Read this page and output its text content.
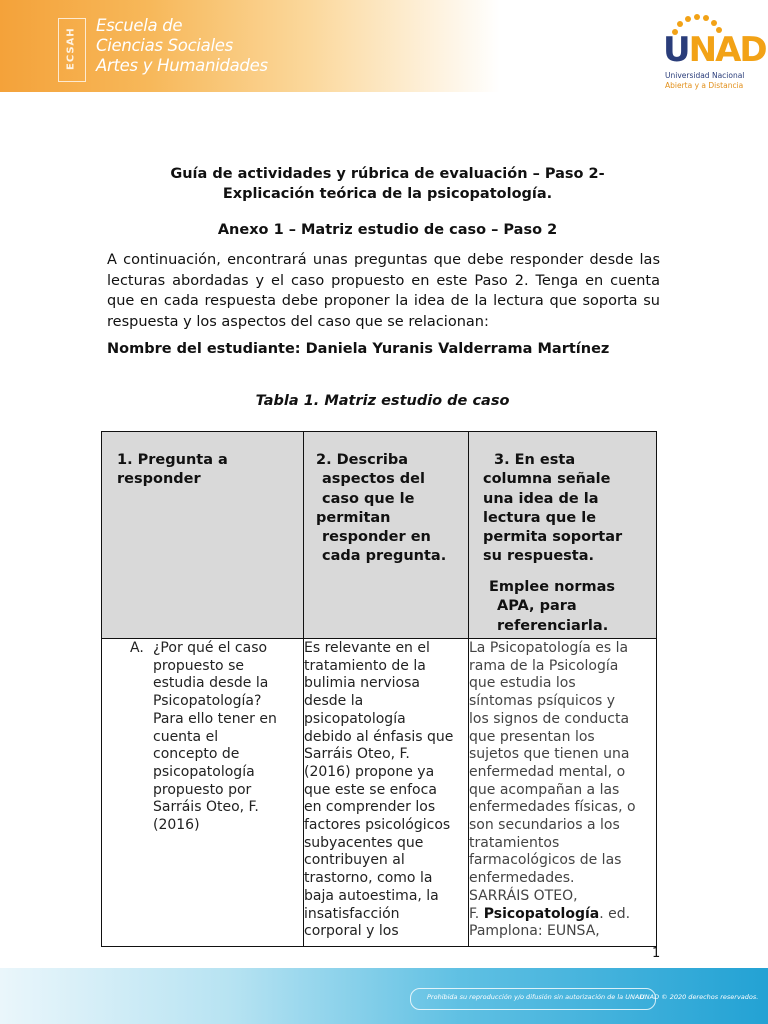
ECSAH
Escuela de
Ciencias Sociales
Artes y Humanidades	UNAD
Universidad Nacional
Abierta y a Distancia
Guía de actividades y rúbrica de evaluación – Paso 2-
Explicación teórica de la psicopatología.
Anexo 1 – Matriz estudio de caso – Paso 2
A continuación, encontrará unas preguntas que debe responder desde las lecturas abordadas y el caso propuesto en este Paso 2. Tenga en cuenta que en cada respuesta debe proponer la idea de la lectura que soporta su respuesta y los aspectos del caso que se relacionan:
Nombre del estudiante: Daniela Yuranis Valderrama Martínez
Tabla 1. Matriz estudio de caso
1. Pregunta a
responder
2. Describa
aspectos del
caso que le
permitan
responder en
cada pregunta.
3. En esta
columna señale
una idea de la
lectura que le
permita soportar
su respuesta.
Emplee normas
APA, para
referenciarla.
A. ¿Por qué el caso
propuesto se
estudia desde la
Psicopatología?
Para ello tener en
cuenta el
concepto de
psicopatología
propuesto por
Sarráis Oteo, F.
(2016)
Es relevante en el
tratamiento de la
bulimia nerviosa
desde la
psicopatología
debido al énfasis que
Sarráis Oteo, F.
(2016) propone ya
que este se enfoca
en comprender los
factores psicológicos
subyacentes que
contribuyen al
trastorno, como la
baja autoestima, la
insatisfacción
corporal y los
La Psicopatología es la
rama de la Psicología
que estudia los
síntomas psíquicos y
los signos de conducta
que presentan los
sujetos que tienen una
enfermedad mental, o
que acompañan a las
enfermedades físicas, o
son secundarios a los
tratamientos
farmacológicos de las
enfermedades.
SARRÁIS OTEO,
F. Psicopatología. ed.
Pamplona: EUNSA,
1
Prohibida su reproducción y/o difusión sin autorización de la UNAD.
UNAD © 2020 derechos reservados.
